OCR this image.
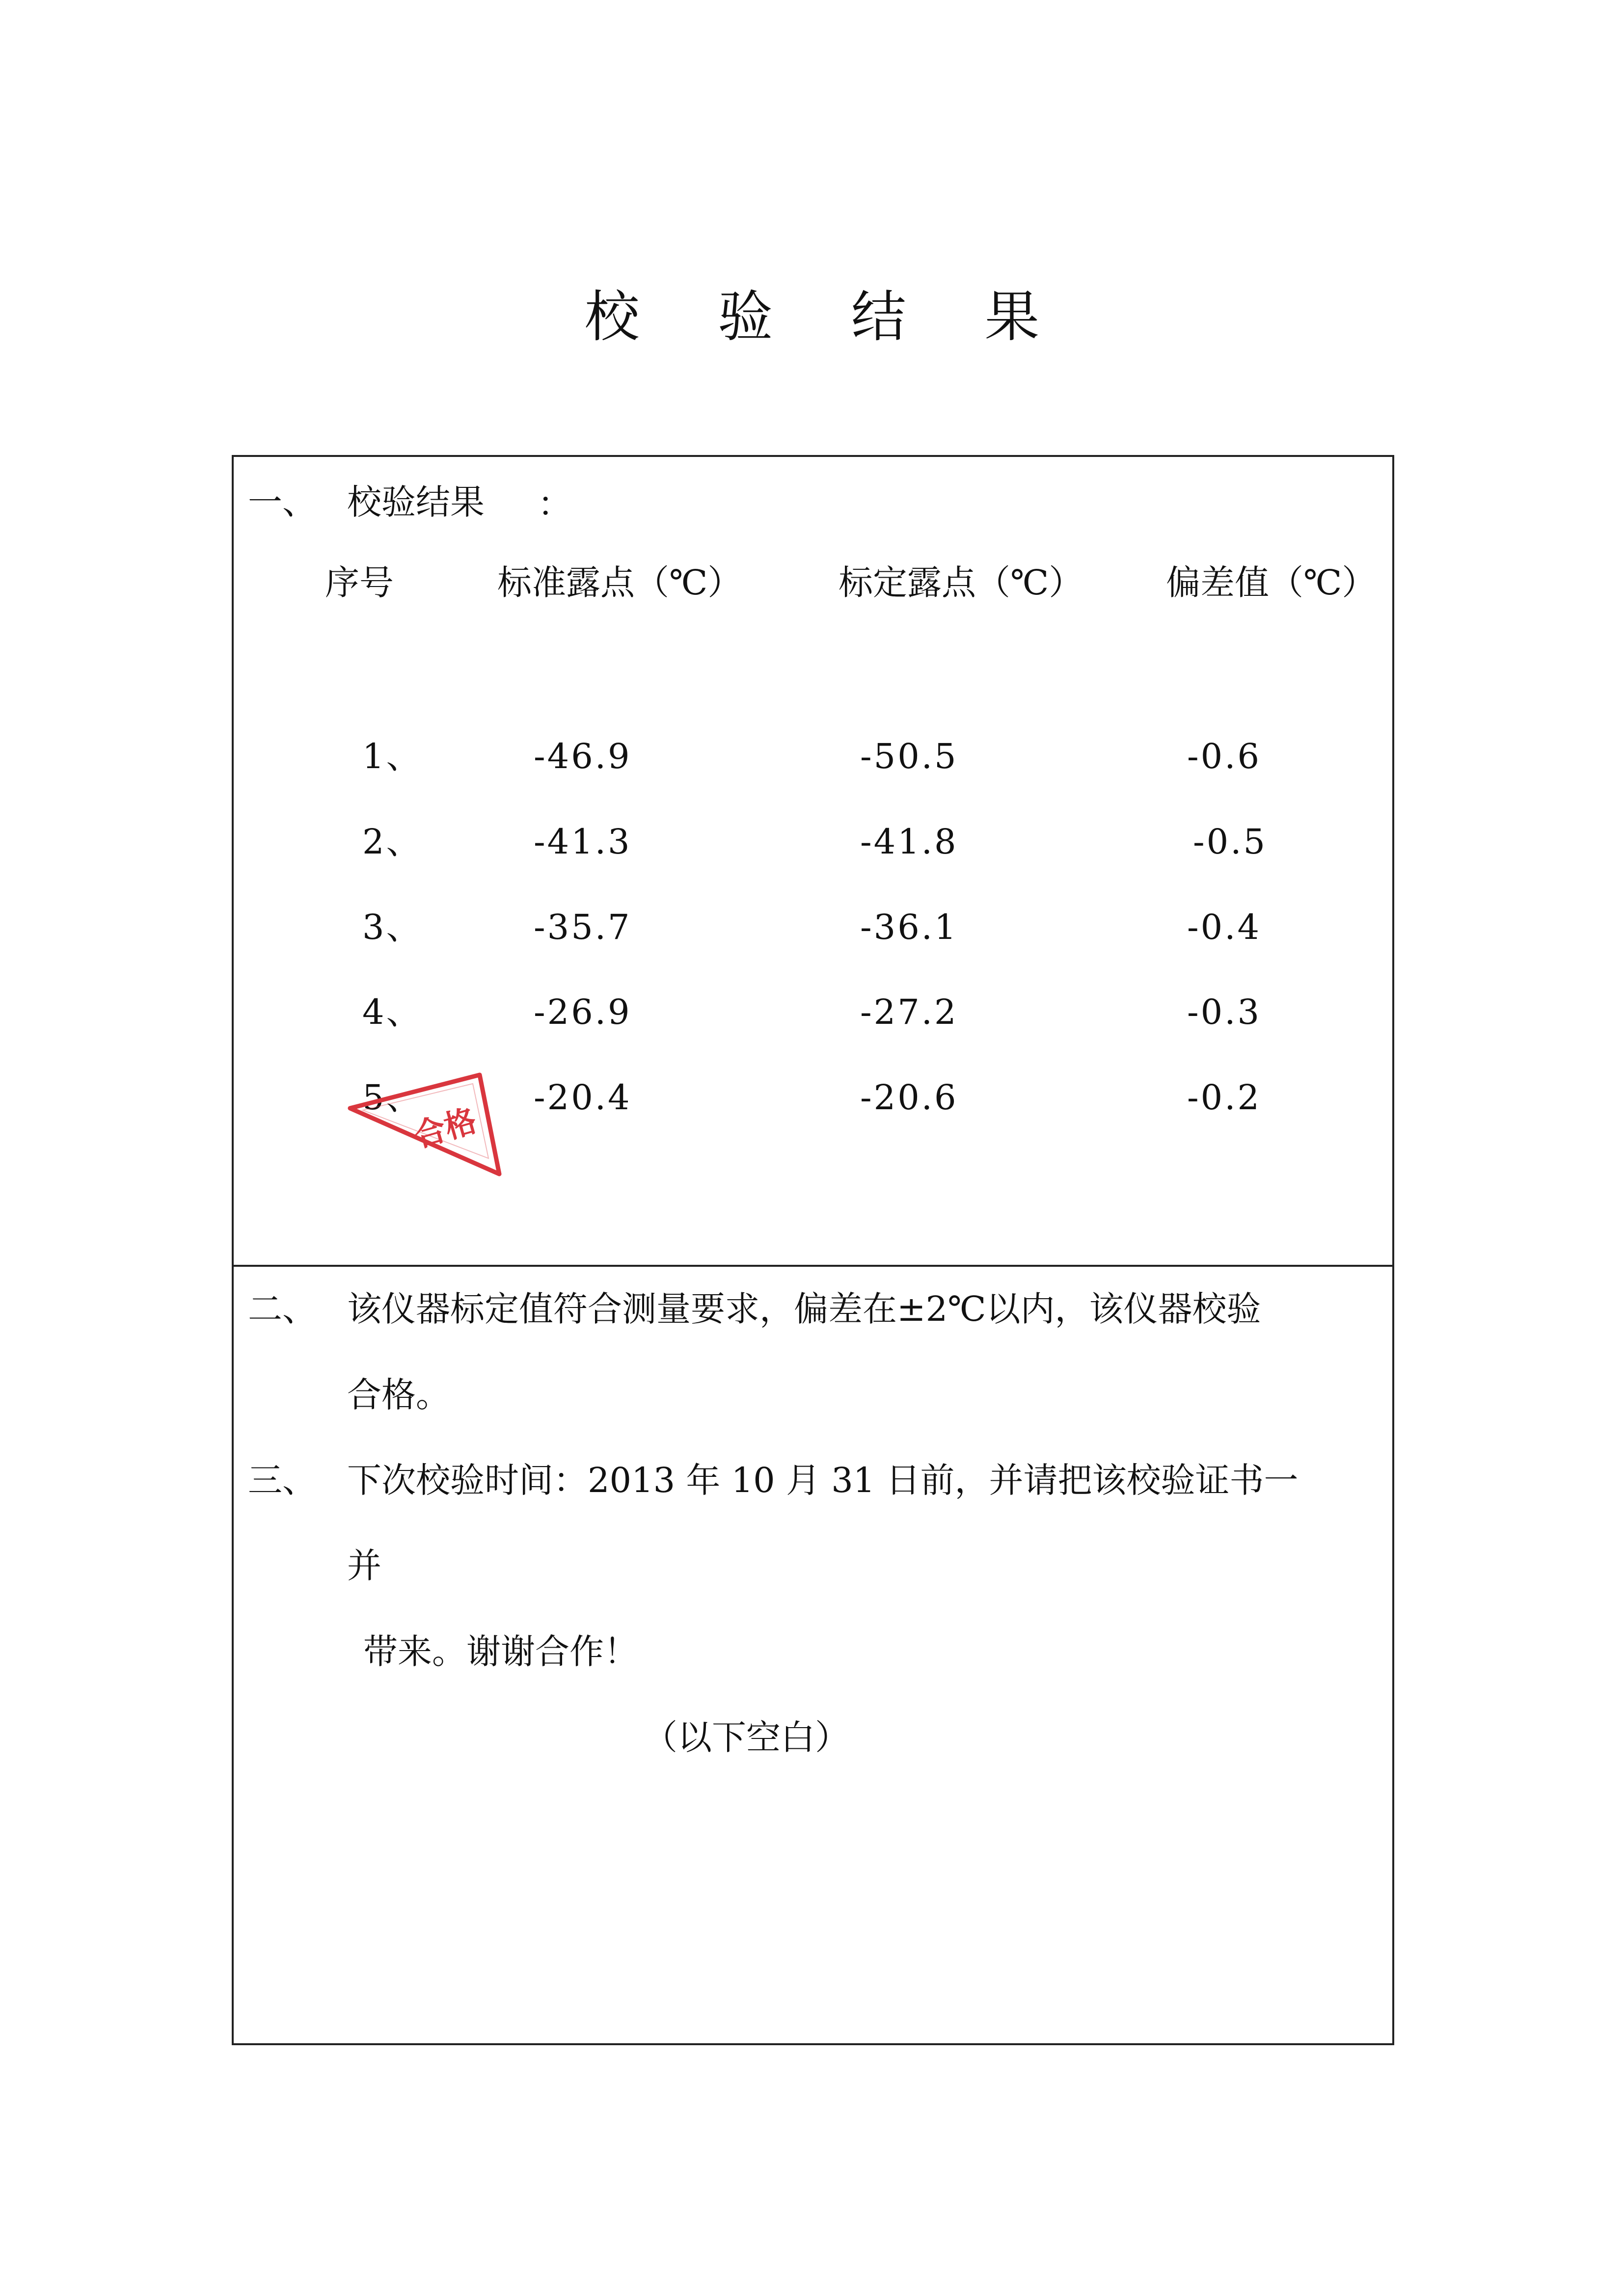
校 验 结 果
一、 校验结果 ：
序号	标准露点（℃）	标定露点（℃） 偏差值（℃）
1、	-46.9	-50.5	-0.6
2、	-41.3	-41.8	-0.5
3、	-35.7	-36.1	-0.4
4、	-26.9	-27.2	-0.3
5、	-20.4	-20.6	-0.2
二、 该仪器标定值符合测量要求，偏差在±2℃以内，该仪器校验
合格。
三、 下次校验时间：2013 年 10 月 31 日前，并请把该校验证书一
并
带来。谢谢合作！
（以下空白）
合格
